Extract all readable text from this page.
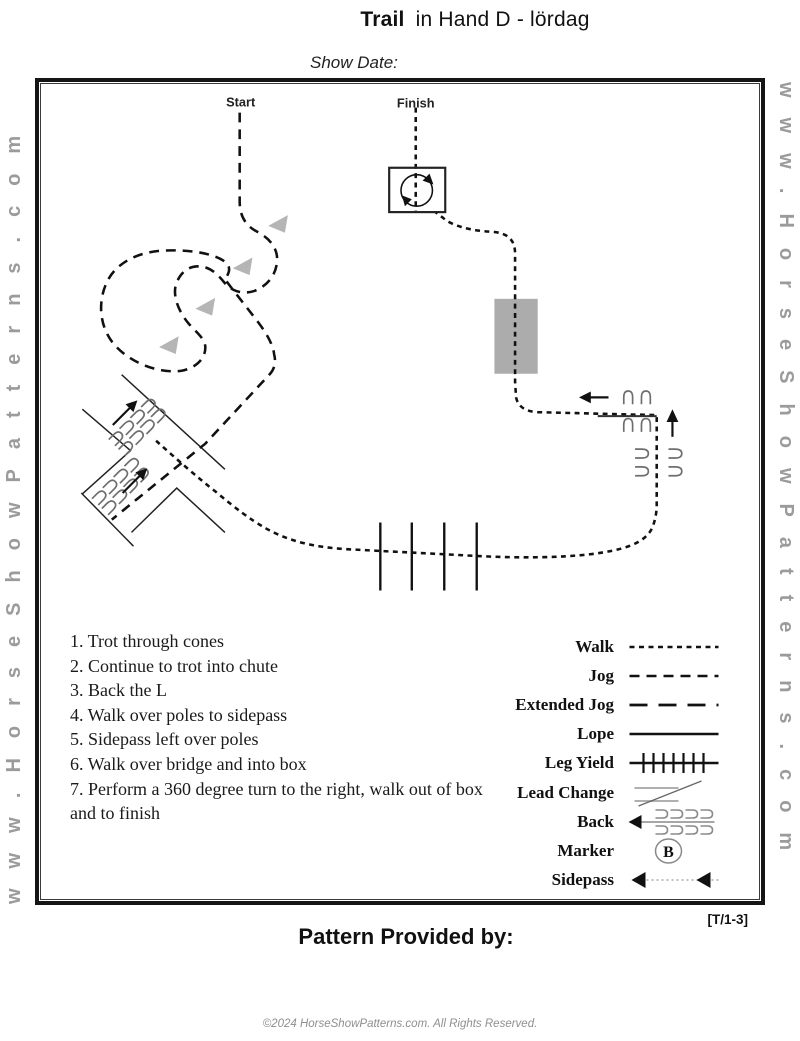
Trail in Hand D - lördag
Show Date:
www.HorseShowPatterns.com	www.HorseShowPatterns.com
Start	Finish
1. Trot through cones
2. Continue to trot into chute
3. Back the L
4. Walk over poles to sidepass
5. Sidepass left over poles
6. Walk over bridge and into box
7. Perform a 360 degree turn to the right, walk out of box and to finish
Walk
Jog
Extended Jog
Lope
Leg Yield
Lead Change
Back
Marker	B
Sidepass
[T/1-3]
Pattern Provided by:
©2024 HorseShowPatterns.com. All Rights Reserved.
